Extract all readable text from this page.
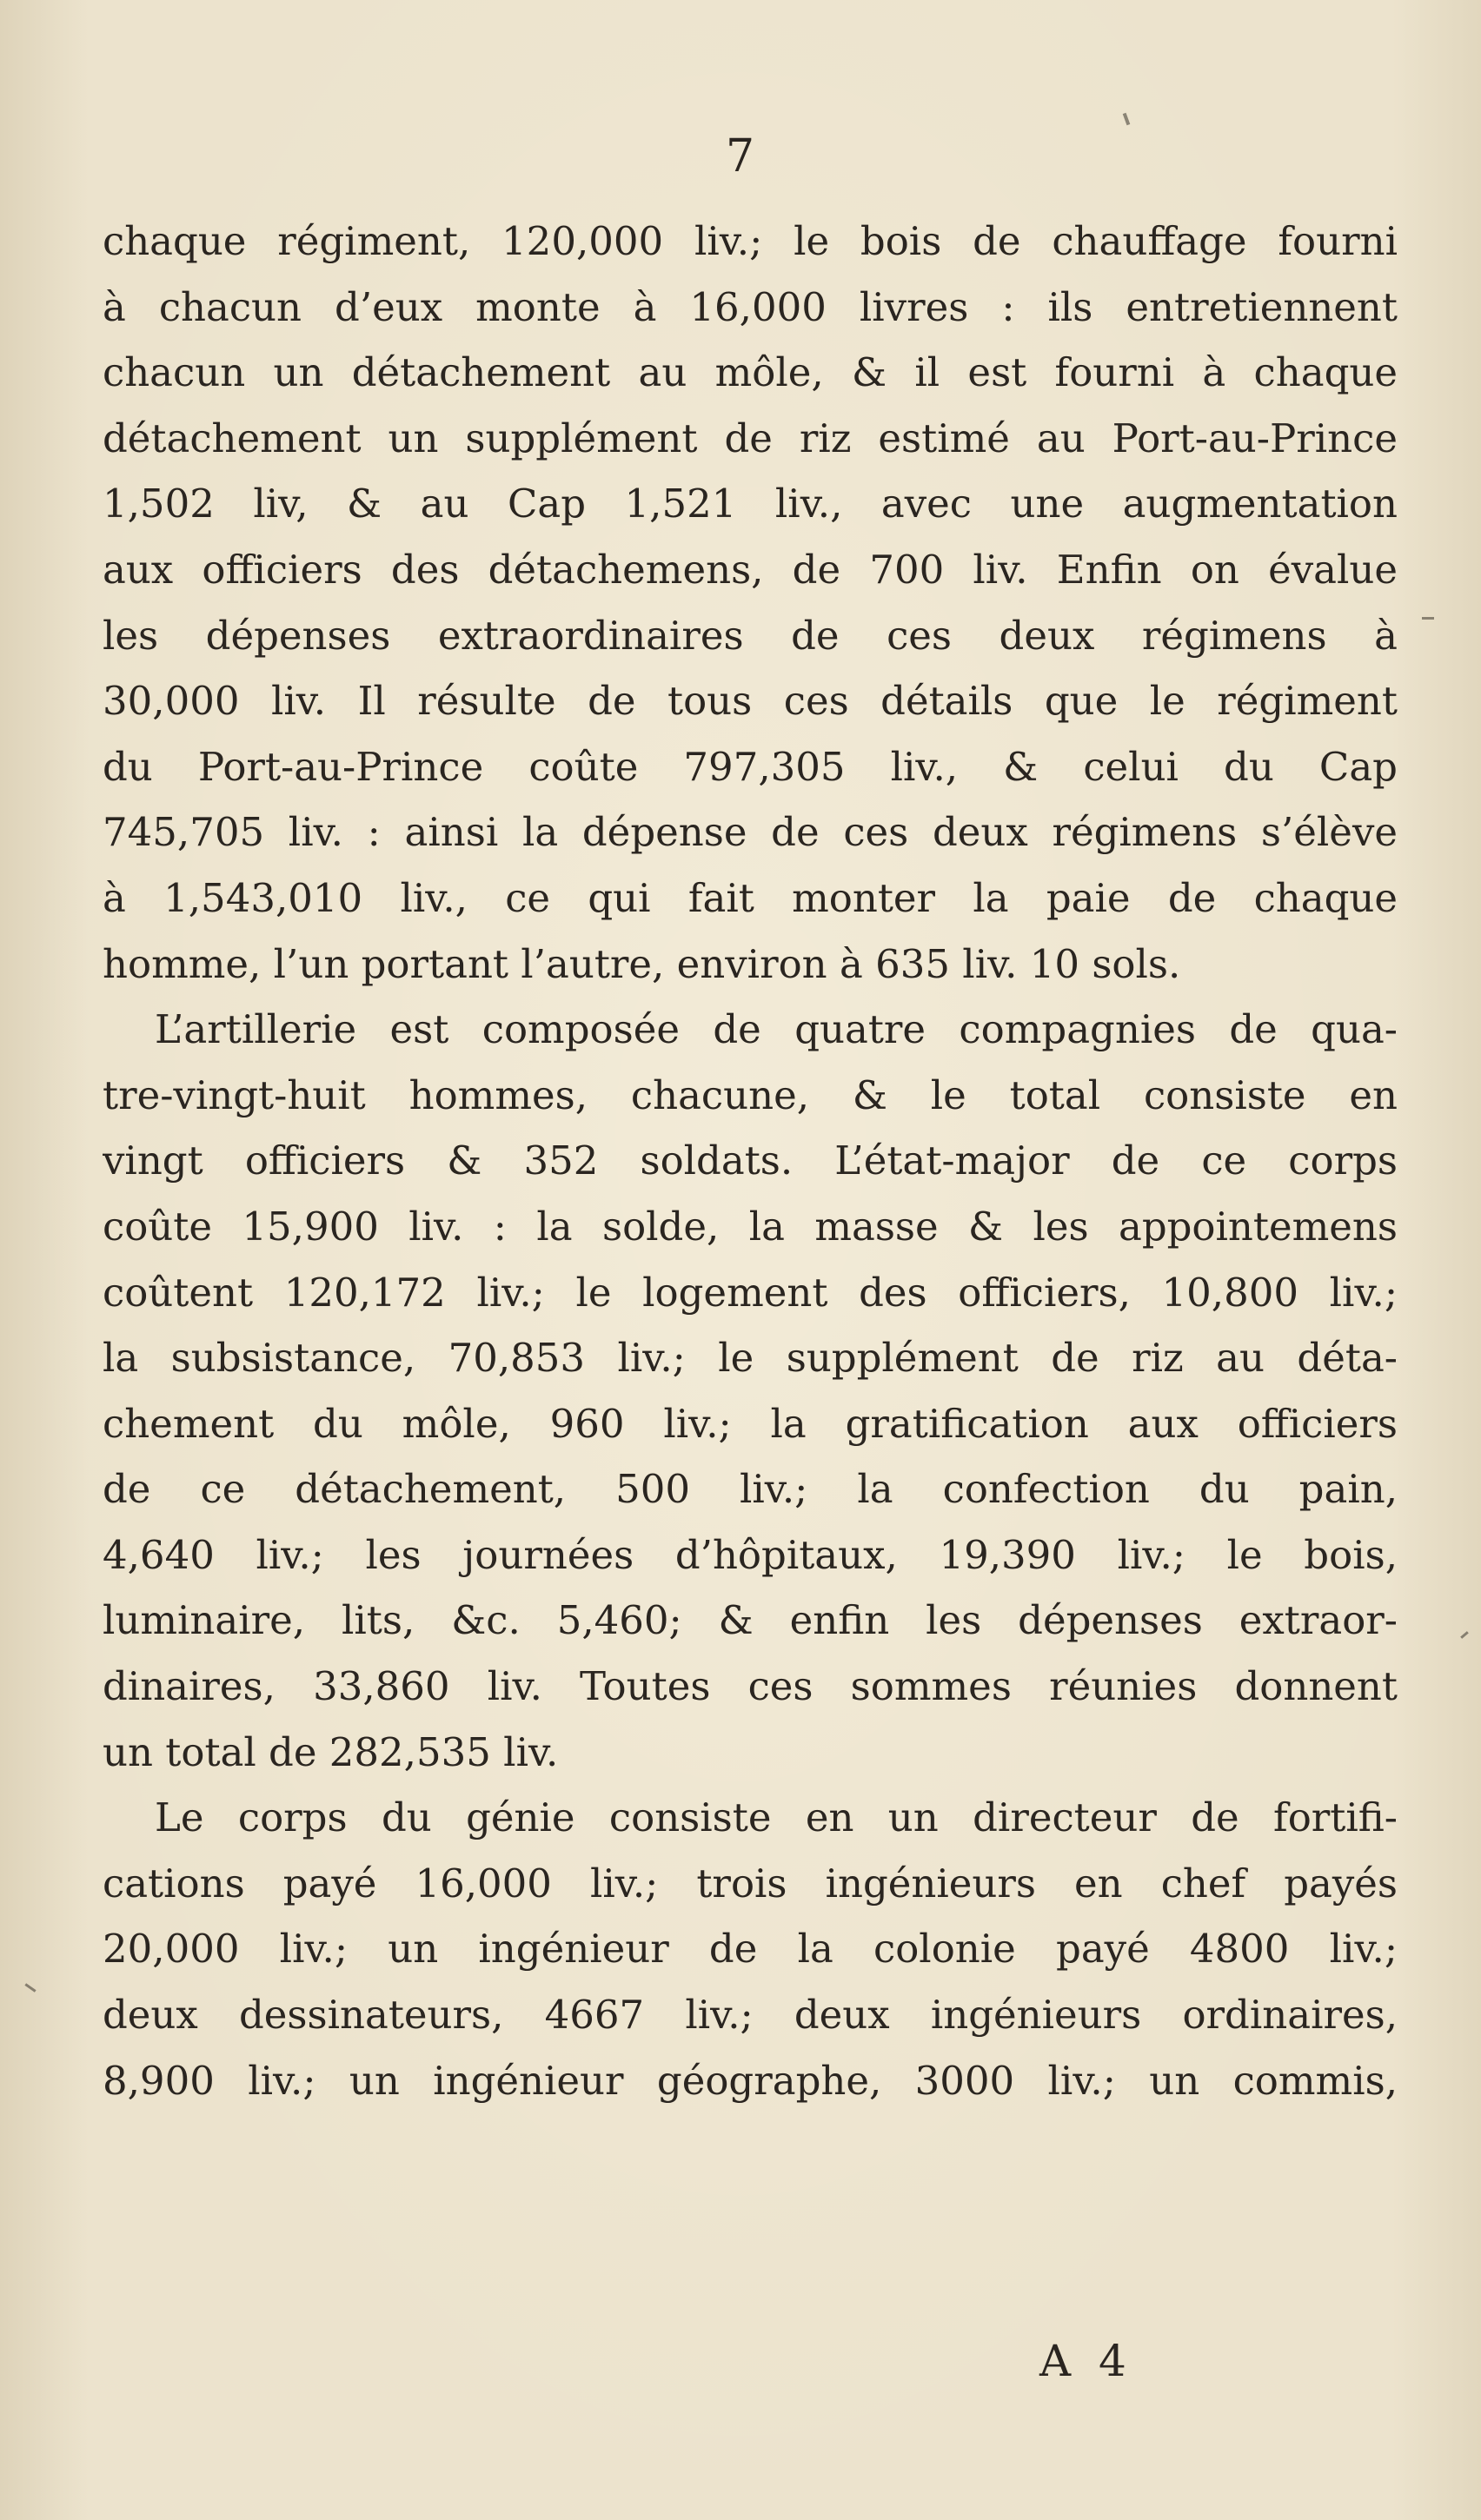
7
chaque régiment, 120,000 liv.; le bois de chauffage fourni
à chacun d’eux monte à 16,000 livres : ils entretiennent
chacun un détachement au môle, & il est fourni à chaque
détachement un supplément de riz estimé au Port-au-Prince
1,502 liv, & au Cap 1,521 liv., avec une augmentation
aux officiers des détachemens, de 700 liv. Enfin on évalue
les dépenses extraordinaires de ces deux régimens à
30,000 liv. Il résulte de tous ces détails que le régiment
du Port-au-Prince coûte 797,305 liv., & celui du Cap
745,705 liv. : ainsi la dépense de ces deux régimens s’élève
à 1,543,010 liv., ce qui fait monter la paie de chaque
homme, l’un portant l’autre, environ à 635 liv. 10 sols.
L’artillerie est composée de quatre compagnies de qua-
tre-vingt-huit hommes, chacune, & le total consiste en
vingt officiers & 352 soldats. L’état-major de ce corps
coûte 15,900 liv. : la solde, la masse & les appointemens
coûtent 120,172 liv.; le logement des officiers, 10,800 liv.;
la subsistance, 70,853 liv.; le supplément de riz au déta-
chement du môle, 960 liv.; la gratification aux officiers
de ce détachement, 500 liv.; la confection du pain,
4,640 liv.; les journées d’hôpitaux, 19,390 liv.; le bois,
luminaire, lits, &c. 5,460; & enfin les dépenses extraor-
dinaires, 33,860 liv. Toutes ces sommes réunies donnent
un total de 282,535 liv.
Le corps du génie consiste en un directeur de fortifi-
cations payé 16,000 liv.; trois ingénieurs en chef payés
20,000 liv.; un ingénieur de la colonie payé 4800 liv.;
deux dessinateurs, 4667 liv.; deux ingénieurs ordinaires,
8,900 liv.; un ingénieur géographe, 3000 liv.; un commis,
A 4
